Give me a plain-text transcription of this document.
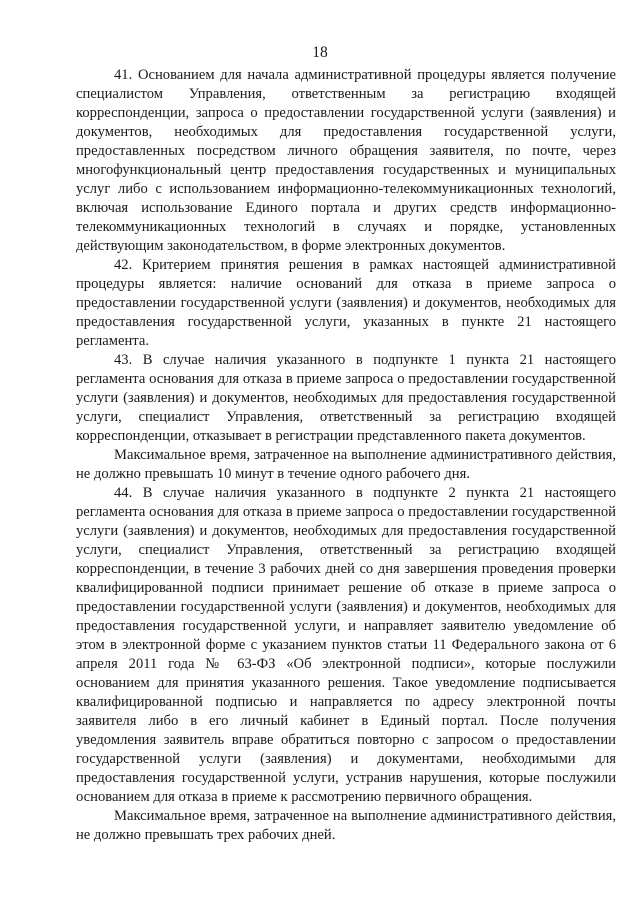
18

41. Основанием для начала административной процедуры является получение специалистом Управления, ответственным за регистрацию входящей корреспонденции, запроса о предоставлении государственной услуги (заявления) и документов, необходимых для предоставления государственной услуги, предоставленных посредством личного обращения заявителя, по почте, через многофункциональный центр предоставления государственных и муниципальных услуг либо с использованием информационно-телекоммуникационных технологий, включая использование Единого портала и других средств информационно-телекоммуникационных технологий в случаях и порядке, установленных действующим законодательством, в форме электронных документов.

42. Критерием принятия решения в рамках настоящей административной процедуры является: наличие оснований для отказа в приеме запроса о предоставлении государственной услуги (заявления) и документов, необходимых для предоставления государственной услуги, указанных в пункте 21 настоящего регламента.

43. В случае наличия указанного в подпункте 1 пункта 21 настоящего регламента основания для отказа в приеме запроса о предоставлении государственной услуги (заявления) и документов, необходимых для предоставления государственной услуги, специалист Управления, ответственный за регистрацию входящей корреспонденции, отказывает в регистрации представленного пакета документов.

Максимальное время, затраченное на выполнение административного действия, не должно превышать 10 минут в течение одного рабочего дня.

44. В случае наличия указанного в подпункте 2 пункта 21 настоящего регламента основания для отказа в приеме запроса о предоставлении государственной услуги (заявления) и документов, необходимых для предоставления государственной услуги, специалист Управления, ответственный за регистрацию входящей корреспонденции, в течение 3 рабочих дней со дня завершения проведения проверки квалифицированной подписи принимает решение об отказе в приеме запроса о предоставлении государственной услуги (заявления) и документов, необходимых для предоставления государственной услуги, и направляет заявителю уведомление об этом в электронной форме с указанием пунктов статьи 11 Федерального закона от 6 апреля 2011 года № 63-ФЗ «Об электронной подписи», которые послужили основанием для принятия указанного решения. Такое уведомление подписывается квалифицированной подписью и направляется по адресу электронной почты заявителя либо в его личный кабинет в Единый портал. После получения уведомления заявитель вправе обратиться повторно с запросом о предоставлении государственной услуги (заявления) и документами, необходимыми для предоставления государственной услуги, устранив нарушения, которые послужили основанием для отказа в приеме к рассмотрению первичного обращения.

Максимальное время, затраченное на выполнение административного действия, не должно превышать трех рабочих дней.
